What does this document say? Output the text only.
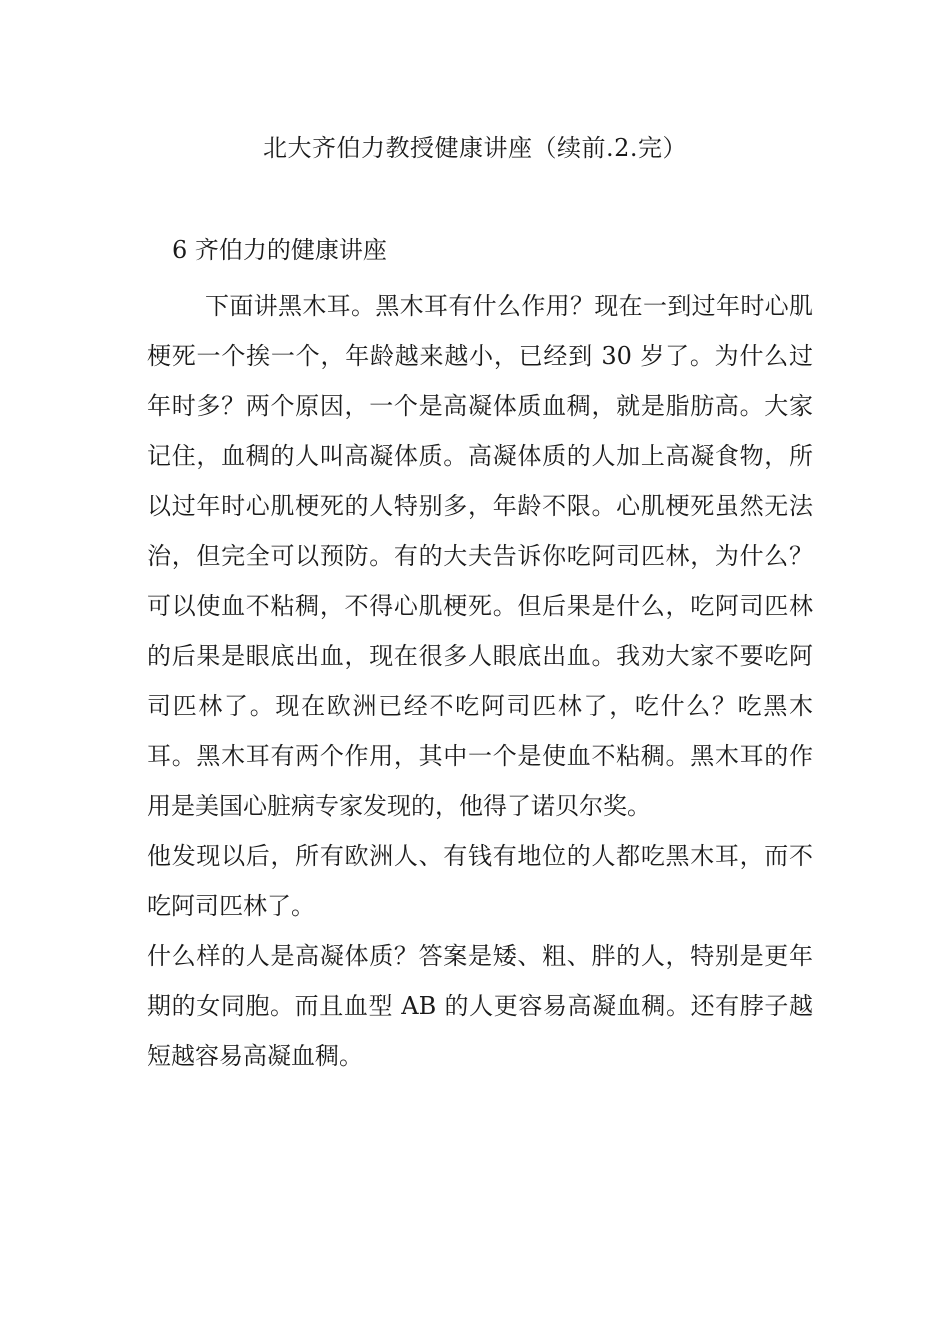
北大齐伯力教授健康讲座（续前.2.完）
6 齐伯力的健康讲座

下面讲黑木耳。黑木耳有什么作用？现在一到过年时心肌梗死一个挨一个，年龄越来越小，已经到 30 岁了。为什么过年时多？两个原因，一个是高凝体质血稠，就是脂肪高。大家记住，血稠的人叫高凝体质。高凝体质的人加上高凝食物，所以过年时心肌梗死的人特别多，年龄不限。心肌梗死虽然无法治，但完全可以预防。有的大夫告诉你吃阿司匹林，为什么？可以使血不粘稠，不得心肌梗死。但后果是什么，吃阿司匹林的后果是眼底出血，现在很多人眼底出血。我劝大家不要吃阿司匹林了。现在欧洲已经不吃阿司匹林了，吃什么？吃黑木耳。黑木耳有两个作用，其中一个是使血不粘稠。黑木耳的作用是美国心脏病专家发现的，他得了诺贝尔奖。

他发现以后，所有欧洲人、有钱有地位的人都吃黑木耳，而不吃阿司匹林了。

什么样的人是高凝体质？答案是矮、粗、胖的人，特别是更年期的女同胞。而且血型 AB 的人更容易高凝血稠。还有脖子越短越容易高凝血稠。
